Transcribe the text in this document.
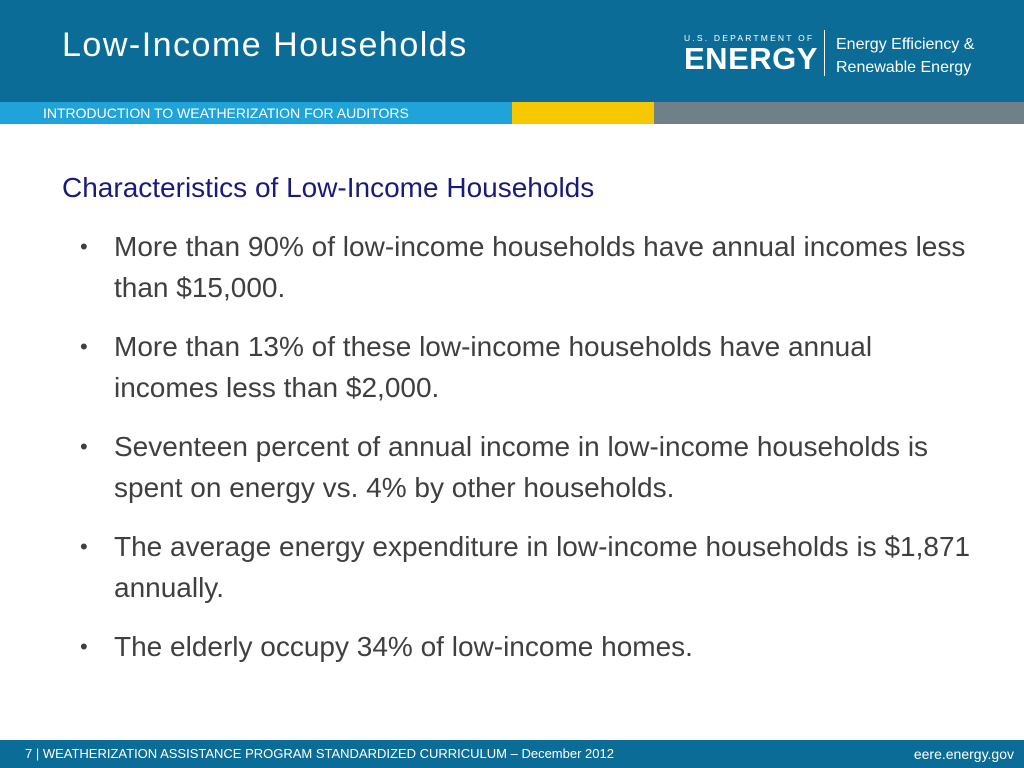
Low-Income Households	U.S. DEPARTMENT OF
ENERGY Energy Efficiency &
Renewable Energy
INTRODUCTION TO WEATHERIZATION FOR AUDITORS
Characteristics of Low-Income Households
• More than 90% of low-income households have annual incomes less than $15,000.
• More than 13% of these low-income households have annual incomes less than $2,000.
• Seventeen percent of annual income in low-income households is spent on energy vs. 4% by other households.
• The average energy expenditure in low-income households is $1,871 annually.
• The elderly occupy 34% of low-income homes.
7 | WEATHERIZATION ASSISTANCE PROGRAM STANDARDIZED CURRICULUM – December 2012	eere.energy.gov
